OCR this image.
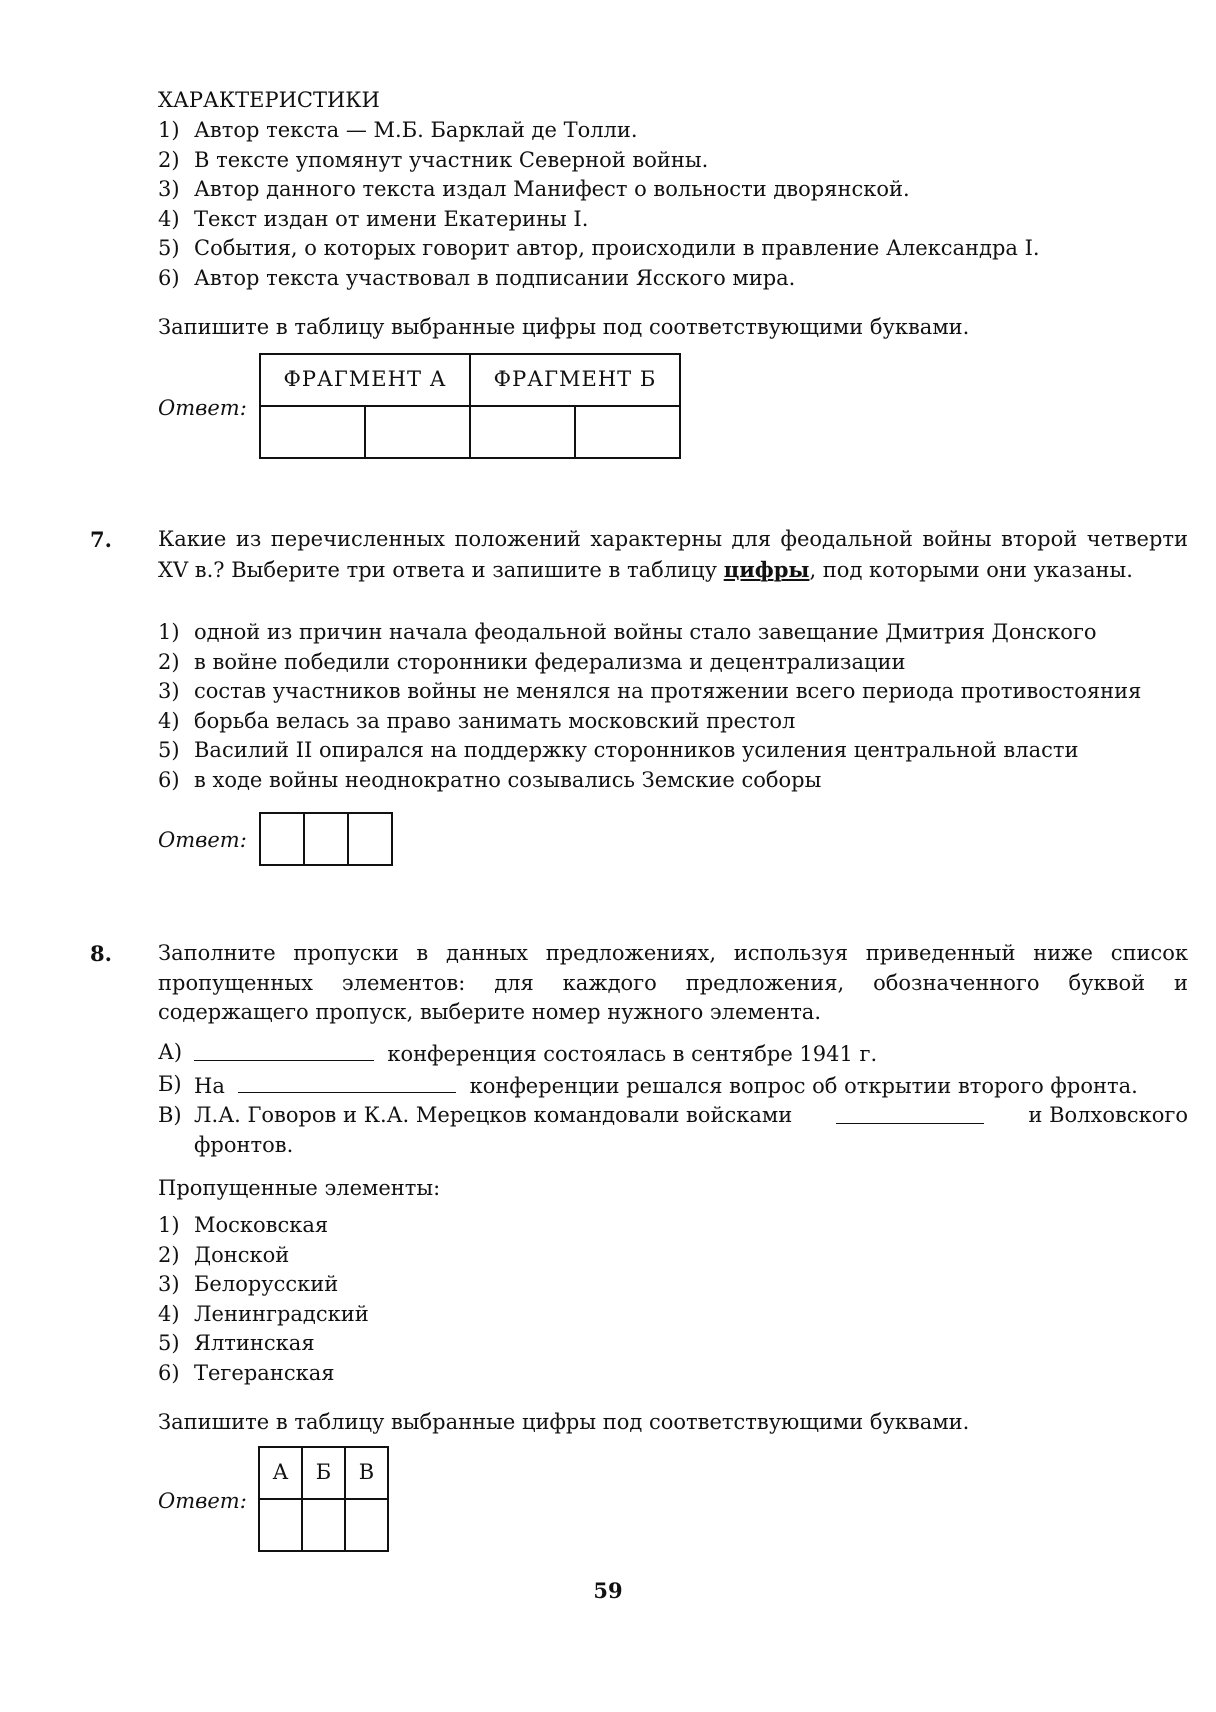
ХАРАКТЕРИСТИКИ
1) Автор текста — М.Б. Барклай де Толли.
2) В тексте упомянут участник Северной войны.
3) Автор данного текста издал Манифест о вольности дворянской.
4) Текст издан от имени Екатерины I.
5) События, о которых говорит автор, происходили в правление Александра I.
6) Автор текста участвовал в подписании Ясского мира.
Запишите в таблицу выбранные цифры под соответствующими буквами.
Ответ:
ФРАГМЕНТ А		ФРАГМЕНТ Б	

7. Какие из перечисленных положений характерны для феодальной войны второй четверти XV в.? Выберите три ответа и запишите в таблицу цифры, под которыми они указаны.
1) одной из причин начала феодальной войны стало завещание Дмитрия Донского
2) в войне победили сторонники федерализма и децентрализации
3) состав участников войны не менялся на протяжении всего периода противостояния
4) борьба велась за право занимать московский престол
5) Василий II опирался на поддержку сторонников усиления центральной власти
6) в ходе войны неоднократно созывались Земские соборы
Ответ:

8. Заполните пропуски в данных предложениях, используя приведенный ниже список пропущенных элементов: для каждого предложения, обозначенного буквой и содержащего пропуск, выберите номер нужного элемента.
А)	конференция состоялась в сентябре 1941 г.
Б) На	конференции решался вопрос об открытии второго фронта.
В) Л.А. Говоров и К.А. Мерецков командовали войсками	и Волховского
фронтов.
Пропущенные элементы:
1) Московская
2) Донской
3) Белорусский
4) Ленинградский
5) Ялтинская
6) Тегеранская
Запишите в таблицу выбранные цифры под соответствующими буквами.
Ответ:
А	Б	В

59
